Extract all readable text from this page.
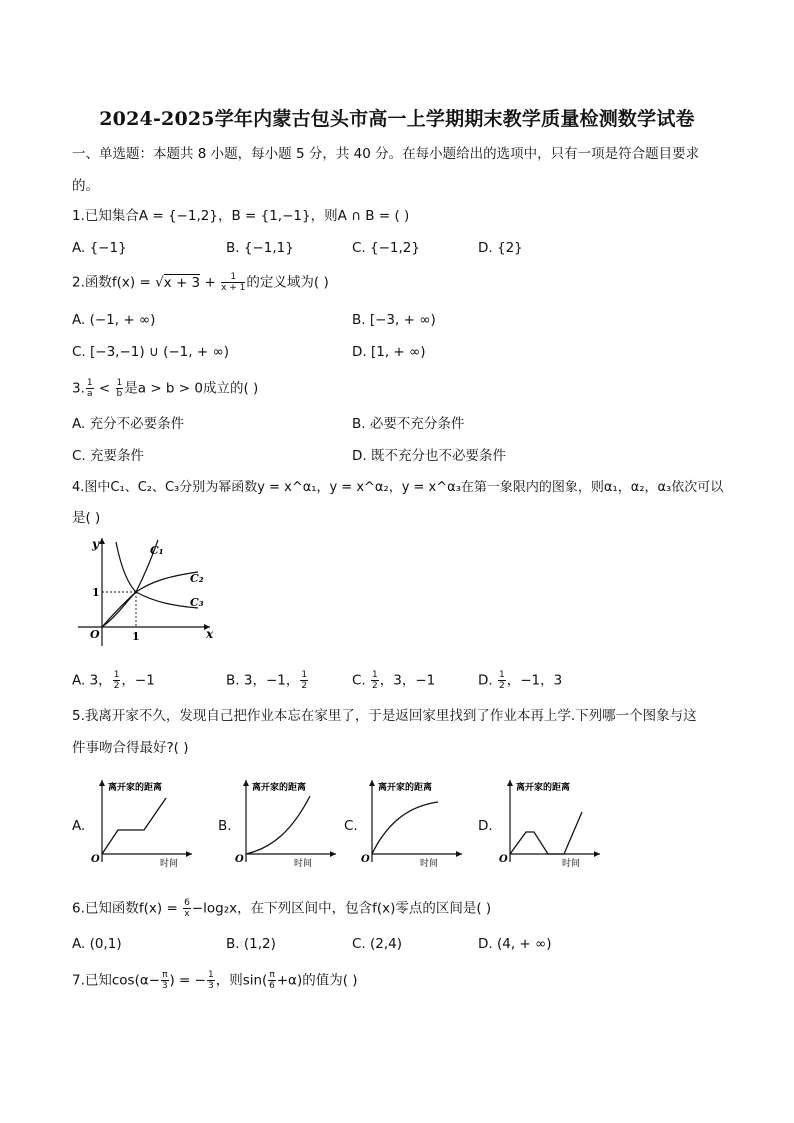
2024-2025学年内蒙古包头市高一上学期期末教学质量检测数学试卷
一、单选题：本题共 8 小题，每小题 5 分，共 40 分。在每小题给出的选项中，只有一项是符合题目要求
的。
1.已知集合A = {−1,2}，B = {1,−1}，则A ∩ B = ( )
A. {−1}	B. {−1,1}	C. {−1,2}	D. {2}
2.函数$f(x) = √x + 3 + \frac{1}{x + 1}$ 的定义域为( )
A. (−1, + ∞)	B. [−3, + ∞)
C. [−3,−1) ∪ (−1, + ∞)	D. [1, + ∞)
3. $\frac{1}{a} < \frac{1}{b}$ 是a > b > 0成立的( )
A. 充分不必要条件	B. 必要不充分条件
C. 充要条件	D. 既不充分也不必要条件
4.图中C₁、C₂、C₃分别为幂函数y = x^α₁，y = x^α₂，y = x^α₃在第一象限内的图象，则α₁，α₂，α₃依次可以
是( )
y
x
O	1
1
C₁
C₂
C₃
A. 3， $\frac{1}{2}$ ，−1	B. 3，−1， $\frac{1}{2}$	C. $\frac{1}{2}$ ，3，−1	D. $\frac{1}{2}$ ，−1，3
5.我离开家不久，发现自己把作业本忘在家里了，于是返回家里找到了作业本再上学.下列哪一个图象与这
件事吻合得最好?( )
A.
离开家的距离
时间
O
B.
离开家的距离
时间
O
C.
离开家的距离
时间
O
D.
离开家的距离
时间
O
6.已知函数$f(x) = \frac{6}{x} -\log_2x$，在下列区间中，包含f(x)零点的区间是( )
A. (0,1)	B. (1,2)	C. (2,4)	D. (4, + ∞)
7.已知$\cos(\alpha- \frac{\pi}{3}$ ) = − $\frac{1}{3}$ ，则$\sin( \frac{\pi}{6} +\alpha)$的值为( )
